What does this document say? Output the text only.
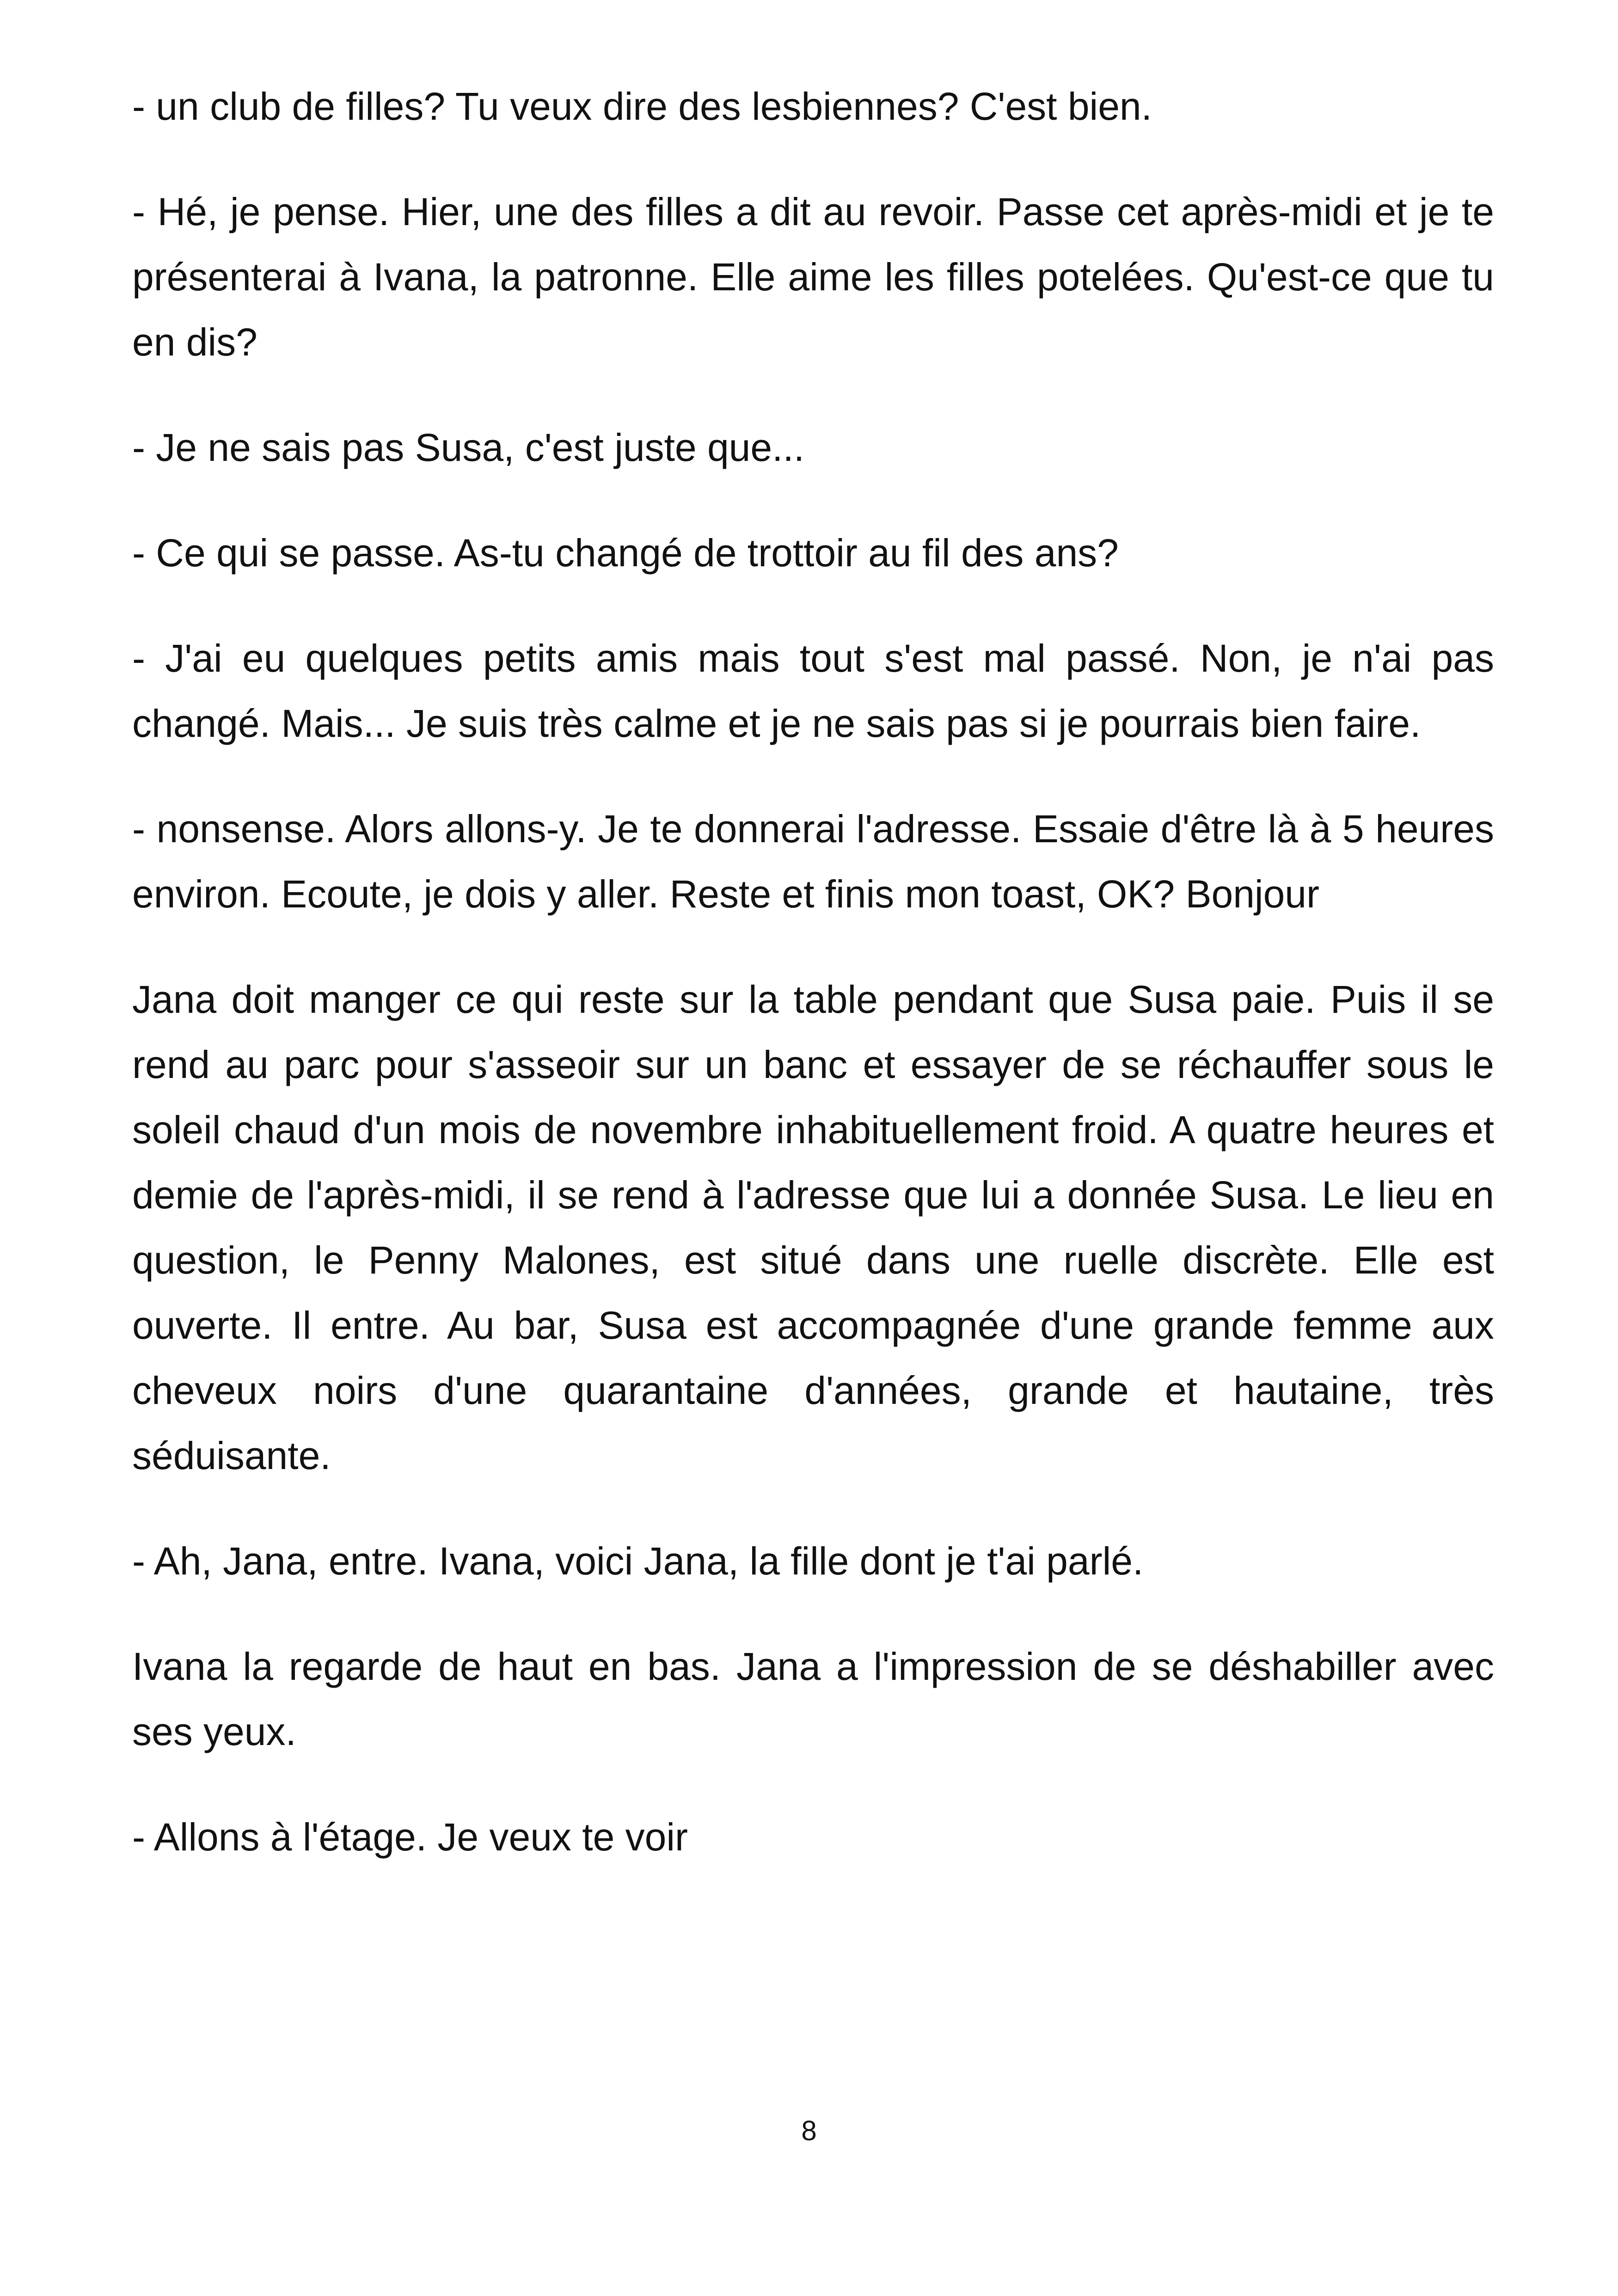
- un club de filles? Tu veux dire des lesbiennes? C'est bien.

- Hé, je pense. Hier, une des filles a dit au revoir. Passe cet après-midi et je te présenterai à Ivana, la patronne. Elle aime les filles potelées. Qu'est-ce que tu en dis?

- Je ne sais pas Susa, c'est juste que...

- Ce qui se passe. As-tu changé de trottoir au fil des ans?

- J'ai eu quelques petits amis mais tout s'est mal passé. Non, je n'ai pas changé. Mais... Je suis très calme et je ne sais pas si je pourrais bien faire.

- nonsense. Alors allons-y. Je te donnerai l'adresse. Essaie d'être là à 5 heures environ. Ecoute, je dois y aller. Reste et finis mon toast, OK? Bonjour

Jana doit manger ce qui reste sur la table pendant que Susa paie. Puis il se rend au parc pour s'asseoir sur un banc et essayer de se réchauffer sous le soleil chaud d'un mois de novembre inhabituellement froid. A quatre heures et demie de l'après-midi, il se rend à l'adresse que lui a donnée Susa. Le lieu en question, le Penny Malones, est situé dans une ruelle discrète. Elle est ouverte. Il entre. Au bar, Susa est accompagnée d'une grande femme aux cheveux noirs d'une quarantaine d'années, grande et hautaine, très séduisante.

- Ah, Jana, entre. Ivana, voici Jana, la fille dont je t'ai parlé.

Ivana la regarde de haut en bas. Jana a l'impression de se déshabiller avec ses yeux.

- Allons à l'étage. Je veux te voir

8
